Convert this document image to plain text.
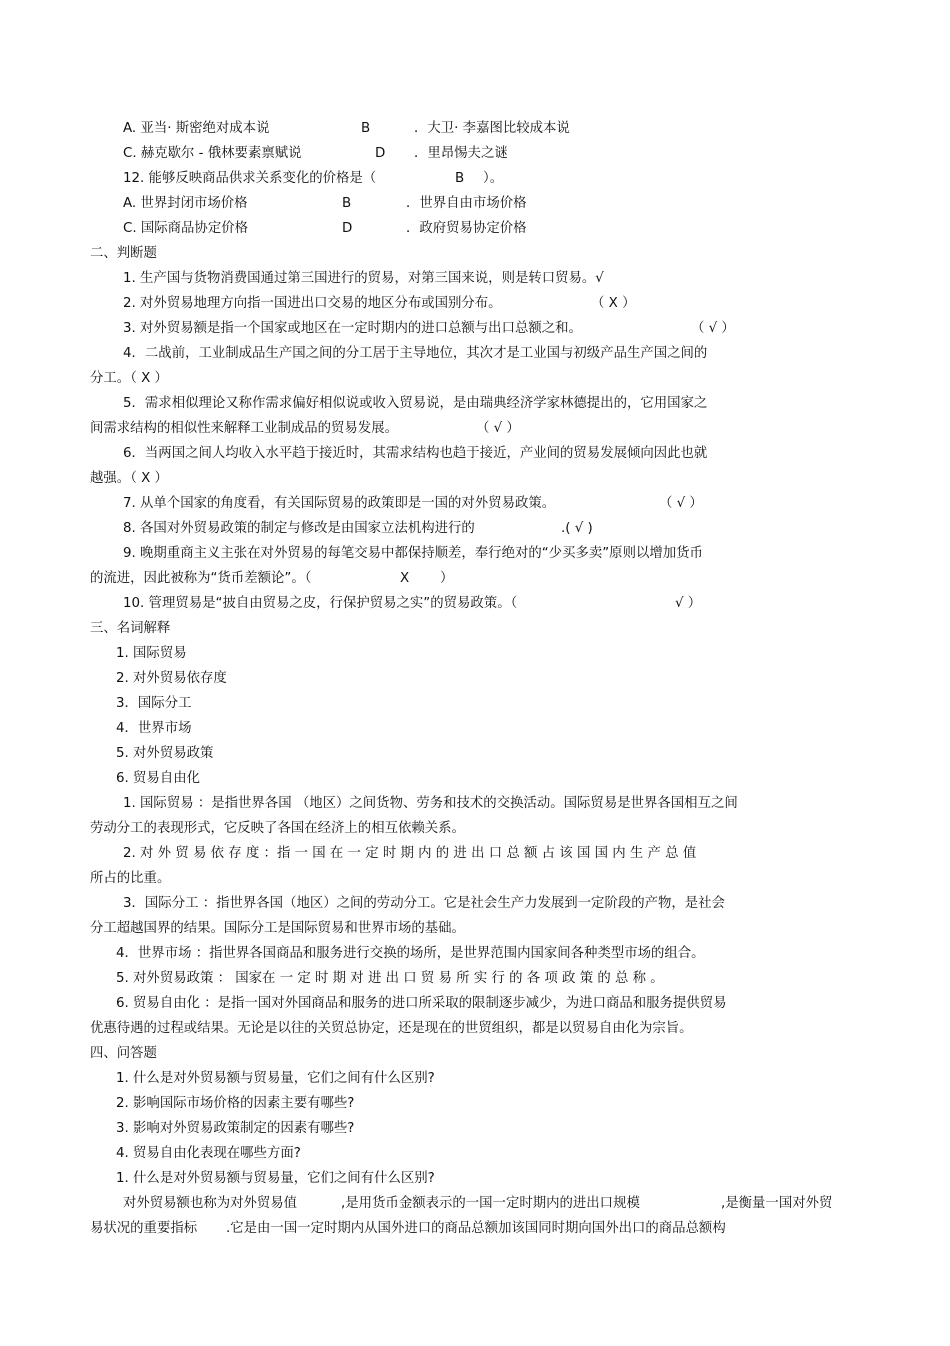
A. 亚当· 斯密绝对成本说	B	．大卫· 李嘉图比较成本说
C. 赫克歇尔 - 俄林要素禀赋说	D ．里昂惕夫之谜
12. 能够反映商品供求关系变化的价格是（	B ）。
A. 世界封闭市场价格	B	．世界自由市场价格
C. 国际商品协定价格	D	．政府贸易协定价格
二、判断题
1. 生产国与货物消费国通过第三国进行的贸易，对第三国来说，则是转口贸易。√
2. 对外贸易地理方向指一国进出口交易的地区分布或国别分布。	（ X ）
3. 对外贸易额是指一个国家或地区在一定时期内的进口总额与出口总额之和。	（ √ ）
4．二战前，工业制成品生产国之间的分工居于主导地位，其次才是工业国与初级产品生产国之间的
分工。（ X ）
5．需求相似理论又称作需求偏好相似说或收入贸易说，是由瑞典经济学家林德提出的，它用国家之
间需求结构的相似性来解释工业制成品的贸易发展。	（ √ ）
6．当两国之间人均收入水平趋于接近时，其需求结构也趋于接近，产业间的贸易发展倾向因此也就
越强。（ X ）
7. 从单个国家的角度看，有关国际贸易的政策即是一国的对外贸易政策。	（ √ ）
8. 各国对外贸易政策的制定与修改是由国家立法机构进行的	.( √ )
9. 晚期重商主义主张在对外贸易的每笔交易中都保持顺差，奉行绝对的“少买多卖”原则以增加货币
的流进，因此被称为“货币差额论”。（	X ）
10. 管理贸易是“披自由贸易之皮，行保护贸易之实”的贸易政策。（	√ ）
三、名词解释
1. 国际贸易
2. 对外贸易依存度
3．国际分工
4．世界市场
5. 对外贸易政策
6. 贸易自由化
1. 国际贸易 ：是指世界各国 （地区）之间货物、劳务和技术的交换活动。国际贸易是世界各国相互之间
劳动分工的表现形式，它反映了各国在经济上的相互依赖关系。
2. 对 外 贸 易 依 存 度 ：指 一 国 在 一 定 时 期 内 的 进 出 口 总 额 占 该 国 国 内 生 产 总 值
所占的比重。
3．国际分工 ：指世界各国（地区）之间的劳动分工。它是社会生产力发展到一定阶段的产物，是社会
分工超越国界的结果。国际分工是国际贸易和世界市场的基础。
4．世界市场 ：指世界各国商品和服务进行交换的场所，是世界范围内国家间各种类型市场的组合。
5. 对外贸易政策 ： 国家在 一 定 时 期 对 进 出 口 贸 易 所 实 行 的 各 项 政 策 的 总 称 。
6. 贸易自由化 ：是指一国对外国商品和服务的进口所采取的限制逐步减少，为进口商品和服务提供贸易
优惠待遇的过程或结果。无论是以往的关贸总协定，还是现在的世贸组织，都是以贸易自由化为宗旨。
四、问答题
1. 什么是对外贸易额与贸易量，它们之间有什么区别?
2. 影响国际市场价格的因素主要有哪些?
3. 影响对外贸易政策制定的因素有哪些?
4. 贸易自由化表现在哪些方面?
1. 什么是对外贸易额与贸易量，它们之间有什么区别?
对外贸易额也称为对外贸易值	,是用货币金额表示的一国一定时期内的进出口规模	,是衡量一国对外贸
易状况的重要指标 .它是由一国一定时期内从国外进口的商品总额加该国同时期向国外出口的商品总额构
